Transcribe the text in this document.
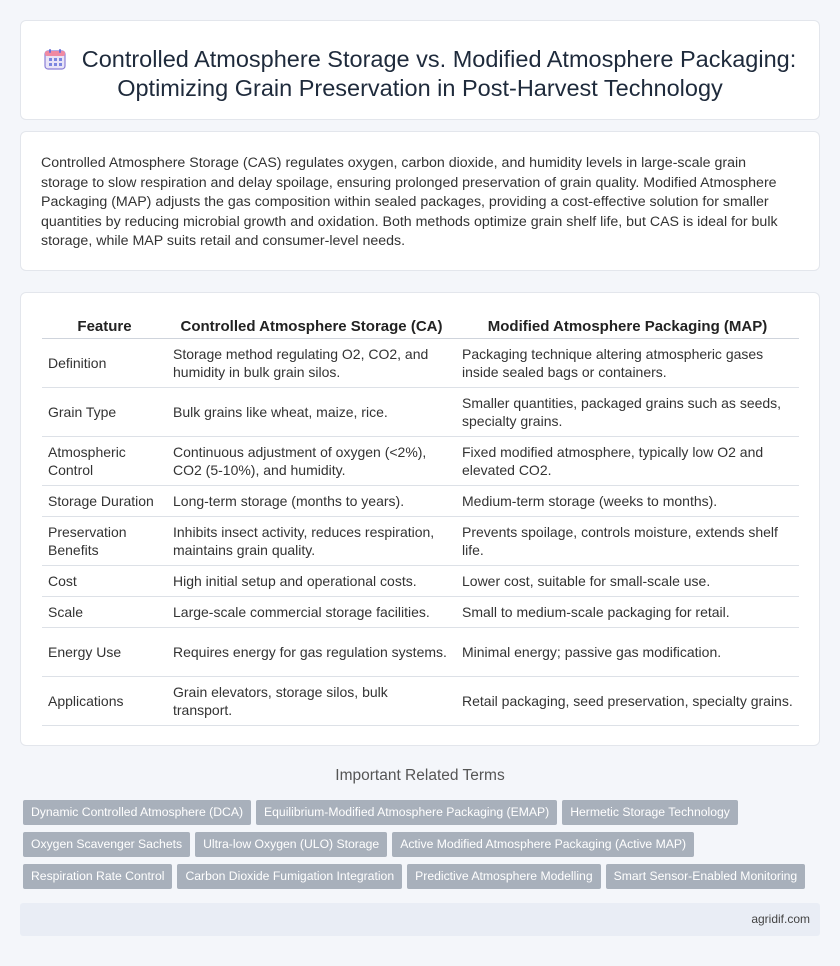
Controlled Atmosphere Storage vs. Modified Atmosphere Packaging: Optimizing Grain Preservation in Post-Harvest Technology

Controlled Atmosphere Storage (CAS) regulates oxygen, carbon dioxide, and humidity levels in large-scale grain storage to slow respiration and delay spoilage, ensuring prolonged preservation of grain quality. Modified Atmosphere Packaging (MAP) adjusts the gas composition within sealed packages, providing a cost-effective solution for smaller quantities by reducing microbial growth and oxidation. Both methods optimize grain shelf life, but CAS is ideal for bulk storage, while MAP suits retail and consumer-level needs.

Feature	Controlled Atmosphere Storage (CA)	Modified Atmosphere Packaging (MAP)
Definition	Storage method regulating O2, CO2, and humidity in bulk grain silos.	Packaging technique altering atmospheric gases inside sealed bags or containers.
Grain Type	Bulk grains like wheat, maize, rice.	Smaller quantities, packaged grains such as seeds, specialty grains.
Atmospheric Control	Continuous adjustment of oxygen (<2%), CO2 (5-10%), and humidity.	Fixed modified atmosphere, typically low O2 and elevated CO2.
Storage Duration	Long-term storage (months to years).	Medium-term storage (weeks to months).
Preservation Benefits	Inhibits insect activity, reduces respiration, maintains grain quality.	Prevents spoilage, controls moisture, extends shelf life.
Cost	High initial setup and operational costs.	Lower cost, suitable for small-scale use.
Scale	Large-scale commercial storage facilities.	Small to medium-scale packaging for retail.
Energy Use	Requires energy for gas regulation systems.	Minimal energy; passive gas modification.
Applications	Grain elevators, storage silos, bulk transport.	Retail packaging, seed preservation, specialty grains.
Important Related Terms
Dynamic Controlled Atmosphere (DCA) Equilibrium-Modified Atmosphere Packaging (EMAP) Hermetic Storage Technology
Oxygen Scavenger Sachets Ultra-low Oxygen (ULO) Storage Active Modified Atmosphere Packaging (Active MAP)
Respiration Rate Control Carbon Dioxide Fumigation Integration Predictive Atmosphere Modelling Smart Sensor-Enabled Monitoring
agridif.com
